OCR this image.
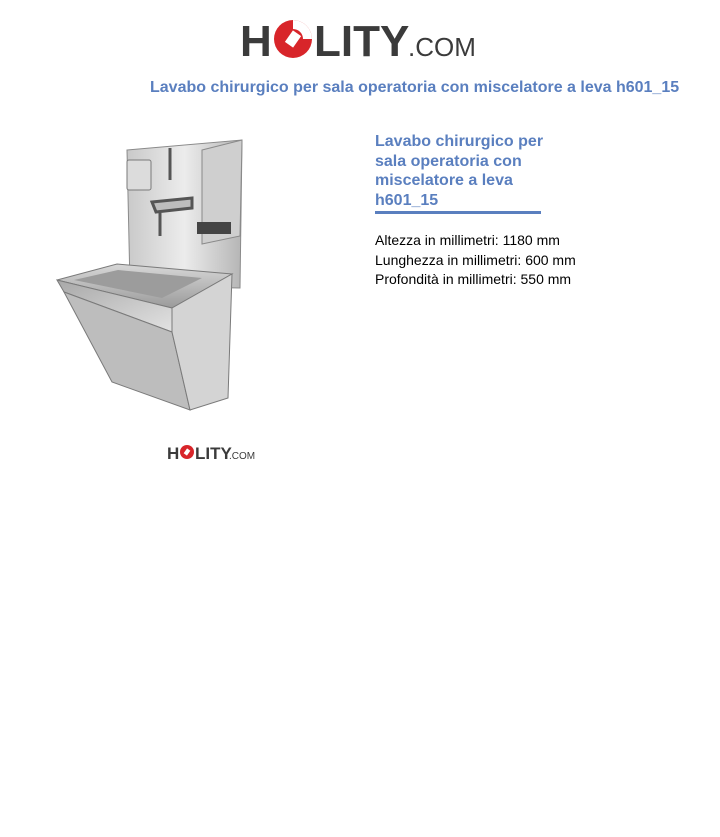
H LITY
.COM
Lavabo chirurgico per sala operatoria con miscelatore a leva h601_15
H LITY
.COM
Lavabo chirurgico per sala operatoria con miscelatore a leva h601_15
Altezza in millimetri: 1180 mm
Lunghezza in millimetri: 600 mm
Profondità in millimetri: 550 mm
